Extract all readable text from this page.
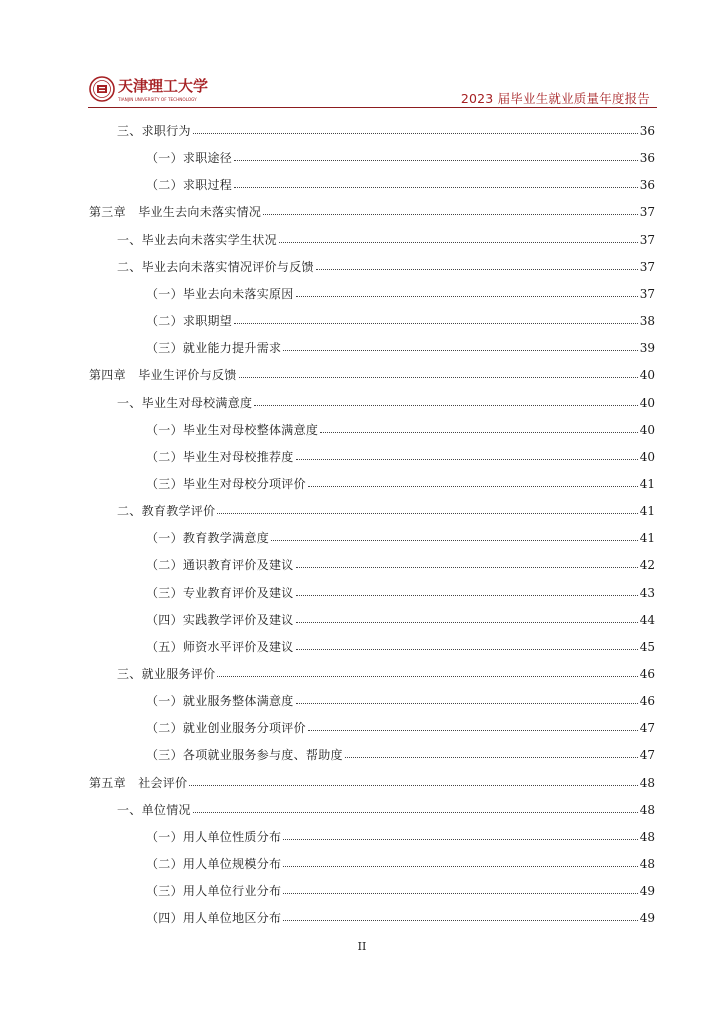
天津理工大学
TIANJIN UNIVERSITY OF TECHNOLOGY	2023 届毕业生就业质量年度报告
三、求职行为	36
（一）求职途径	36
（二）求职过程	36
第三章　毕业生去向未落实情况	37
一、毕业去向未落实学生状况	37
二、毕业去向未落实情况评价与反馈	37
（一）毕业去向未落实原因	37
（二）求职期望	38
（三）就业能力提升需求	39
第四章　毕业生评价与反馈	40
一、毕业生对母校满意度	40
（一）毕业生对母校整体满意度	40
（二）毕业生对母校推荐度	40
（三）毕业生对母校分项评价	41
二、教育教学评价	41
（一）教育教学满意度	41
（二）通识教育评价及建议	42
（三）专业教育评价及建议	43
（四）实践教学评价及建议	44
（五）师资水平评价及建议	45
三、就业服务评价	46
（一）就业服务整体满意度	46
（二）就业创业服务分项评价	47
（三）各项就业服务参与度、帮助度	47
第五章　社会评价	48
一、单位情况	48
（一）用人单位性质分布	48
（二）用人单位规模分布	48
（三）用人单位行业分布	49
（四）用人单位地区分布	49
II
